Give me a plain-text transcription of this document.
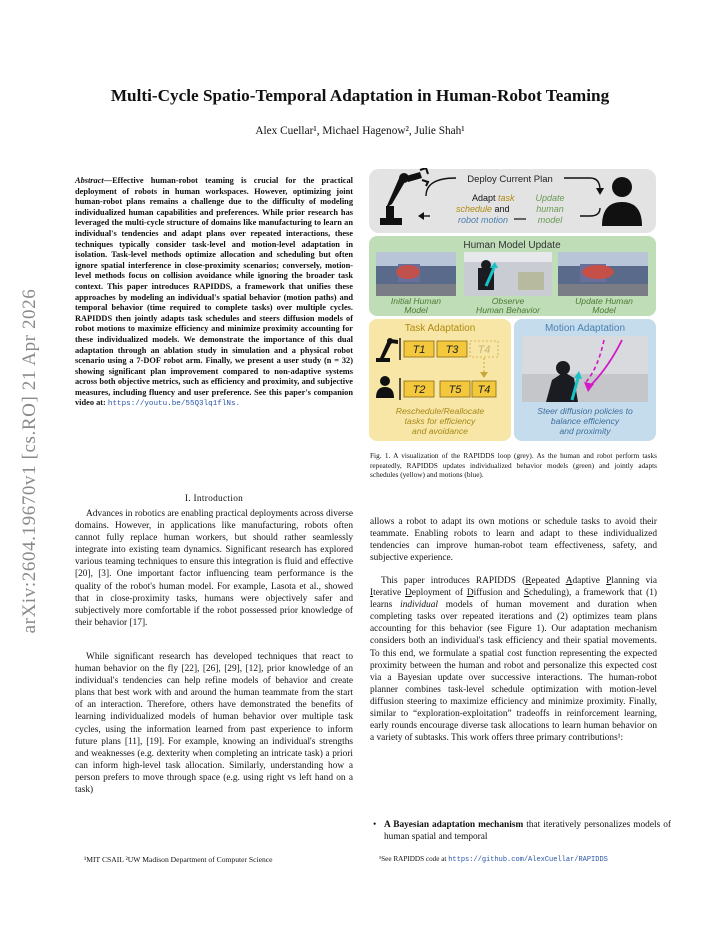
Multi-Cycle Spatio-Temporal Adaptation in Human-Robot Teaming
Alex Cuellar¹, Michael Hagenow², Julie Shah¹
arXiv:2604.19670v1 [cs.RO] 21 Apr 2026
Abstract—Effective human-robot teaming is crucial for the practical deployment of robots in human workspaces. However, optimizing joint human-robot plans remains a challenge due to the difficulty of modeling individualized human capabilities and preferences. While prior research has leveraged the multi-cycle structure of domains like manufacturing to learn an individual's tendencies and adapt plans over repeated interactions, these techniques typically consider task-level and motion-level adaptation in isolation. Task-level methods optimize allocation and scheduling but often ignore spatial interference in close-proximity scenarios; conversely, motion-level methods focus on collision avoidance while ignoring the broader task context. This paper introduces RAPIDDS, a framework that unifies these approaches by modeling an individual's spatial behavior (motion paths) and temporal behavior (time required to complete tasks) over multiple cycles. RAPIDDS then jointly adapts task schedules and steers diffusion models of robot motions to maximize efficiency and minimize proximity accounting for these individualized models. We demonstrate the importance of this dual adaptation through an ablation study in simulation and a physical robot scenario using a 7-DOF robot arm. Finally, we present a user study (n = 32) showing significant plan improvement compared to non-adaptive systems across both objective metrics, such as efficiency and proximity, and subjective measures, including fluency and user preference. See this paper's companion video at: https://youtu.be/55Q3lq1flNs.
Deploy Current Plan
Adapt task
schedule and
robot motion
Update
human
model
Human Model Update
Initial Human
Model
Observe
Human Behavior
Update Human
Model
Task Adaptation
T1 T3 T4
T2 T5 T4
Reschedule/Reallocate
tasks for efficiency
and avoidance
Motion Adaptation
Steer diffusion policies to
balance efficiency
and proximity
Fig. 1. A visualization of the RAPIDDS loop (grey). As the human and robot perform tasks repeatedly, RAPIDDS updates individualized behavior models (green) and jointly adapts schedules (yellow) and motions (blue).
I. Introduction

Advances in robotics are enabling practical deployments across diverse domains. However, in applications like manufacturing, robots often cannot fully replace human workers, but should rather seamlessly integrate into existing team dynamics. Significant research has explored various teaming techniques to ensure this integration is fluid and effective [20], [3]. One important factor influencing team performance is the quality of the robot's human model. For example, Lasota et al., showed that in close-proximity tasks, humans were objectively safer and subjectively more comfortable if the robot possessed prior knowledge of their behavior [17].

While significant research has developed techniques that react to human behavior on the fly [22], [26], [29], [12], prior knowledge of an individual's tendencies can help refine models of behavior and create plans that best work with and around the human teammate from the start of an interaction. Therefore, others have demonstrated the benefits of learning individualized models of human behavior over multiple task cycles, using the information learned from past experience to inform future plans [11], [19]. For example, knowing an individual's strengths and weaknesses (e.g. dexterity when completing an intricate task) a priori can inform high-level task allocation. Similarly, understanding how a person prefers to move through space (e.g. using right vs left hand on a task)

¹MIT CSAIL ²UW Madison Department of Computer Science

allows a robot to adapt its own motions or schedule tasks to avoid their teammate. Enabling robots to learn and adapt to these individualized tendencies can improve human-robot team effectiveness, safety, and subjective experience.

This paper introduces RAPIDDS (Repeated Adaptive Planning via Iterative Deployment of Diffusion and Scheduling), a framework that (1) learns individual models of human movement and duration when completing tasks over repeated iterations and (2) optimizes team plans accounting for this behavior (see Figure 1). Our adaptation mechanism considers both an individual's task efficiency and their spatial movements. To this end, we formulate a spatial cost function representing the expected proximity between the human and robot and personalize this expected cost via a Bayesian update over successive interactions. The human-robot planner combines task-level schedule optimization with motion-level diffusion steering to maximize efficiency and minimize proximity. Finally, similar to “exploration-exploitation” tradeoffs in reinforcement learning, early rounds encourage diverse task allocations to learn human behavior on a variety of subtasks. This work offers three primary contributions¹:

• A Bayesian adaptation mechanism that iteratively personalizes models of human spatial and temporal
¹See RAPIDDS code at https://github.com/AlexCuellar/RAPIDDS
